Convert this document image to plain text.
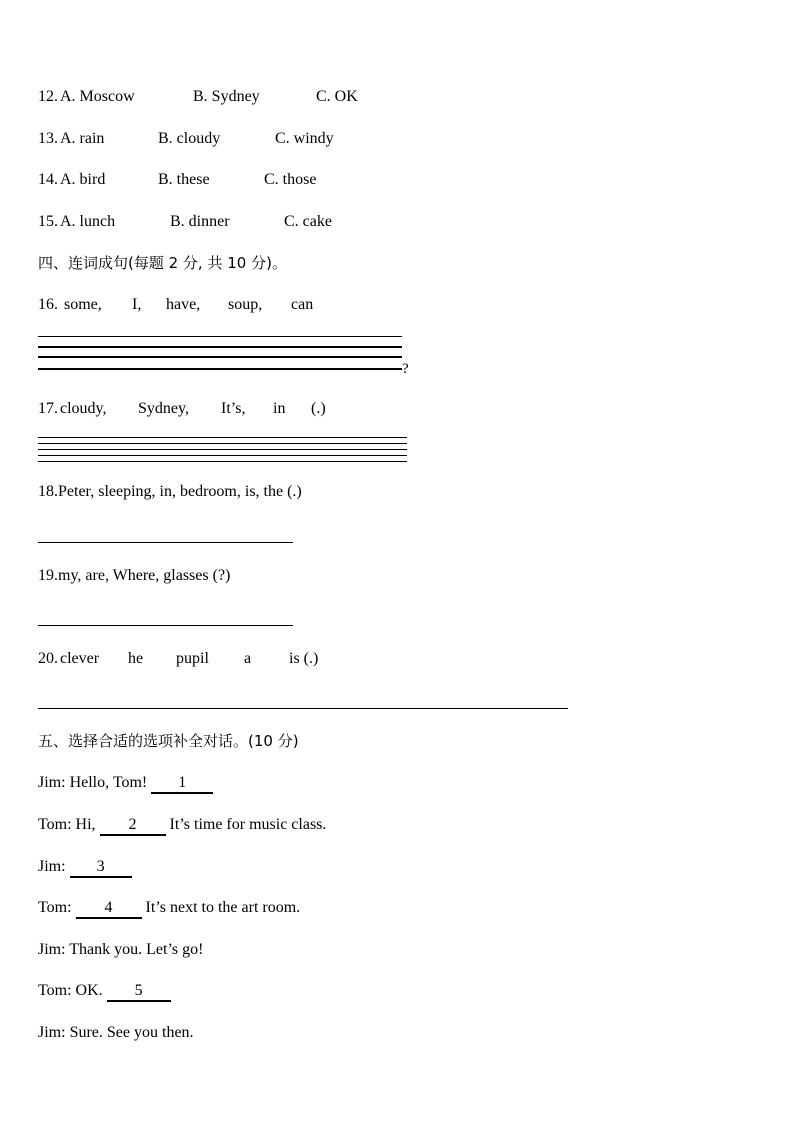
12. A. Moscow	B. Sydney	C. OK
13. A. rain	B. cloudy	C. windy
14. A. bird	B. these	C. those
15. A. lunch	B. dinner	C. cake
四、连词成句(每题 2 分, 共 10 分)。
16. some, I, have, soup, can
?
17. cloudy, Sydney, It’s, in (.)
18.Peter, sleeping, in, bedroom, is, the (.)
19.my, are, Where, glasses (?)
20. clever he pupil a is (.)
五、选择合适的选项补全对话。(10 分)
Jim: Hello, Tom! 1
Tom: Hi, 2 It’s time for music class.
Jim: 3
Tom: 4 It’s next to the art room.
Jim: Thank you. Let’s go!
Tom: OK. 5
Jim: Sure. See you then.
